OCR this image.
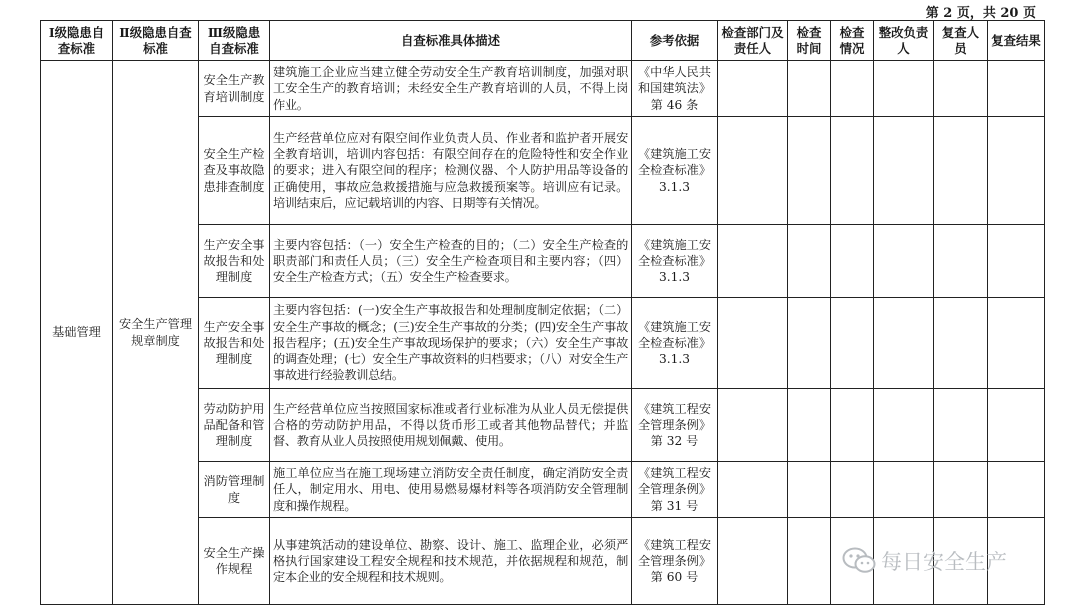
第 2 页，共 20 页
Ⅰ级隐患自查标准	Ⅱ级隐患自查标准	Ⅲ级隐患自查标准	自查标准具体描述	参考依据	检查部门及责任人	检查时间	检查情况	整改负责人	复查人员	复查结果
基础管理	安全生产管理规章制度	安全生产教育培训制度	建筑施工企业应当建立健全劳动安全生产教育培训制度，加强对职工安全生产的教育培训；未经安全生产教育培训的人员，不得上岗作业。	《中华人民共和国建筑法》第 46 条						
		安全生产检查及事故隐患排查制度	生产经营单位应对有限空间作业负责人员、作业者和监护者开展安全教育培训，培训内容包括：有限空间存在的危险特性和安全作业的要求；进入有限空间的程序；检测仪器、个人防护用品等设备的正确使用，事故应急救援措施与应急救援预案等。培训应有记录。培训结束后，应记载培训的内容、日期等有关情况。	《建筑施工安全检查标准》3.1.3						
		生产安全事故报告和处理制度	主要内容包括：（一）安全生产检查的目的；（二）安全生产检查的职责部门和责任人员；（三）安全生产检查项目和主要内容；（四）安全生产检查方式；（五）安全生产检查要求。	《建筑施工安全检查标准》3.1.3						
		生产安全事故报告和处理制度	主要内容包括：(一)安全生产事故报告和处理制度制定依据；（二）安全生产事故的概念；(三)安全生产事故的分类；(四)安全生产事故报告程序；(五)安全生产事故现场保护的要求；（六）安全生产事故的调查处理；(七）安全生产事故资料的归档要求；（八）对安全生产事故进行经验教训总结。	《建筑施工安全检查标准》3.1.3						
		劳动防护用品配备和管理制度	生产经营单位应当按照国家标准或者行业标准为从业人员无偿提供合格的劳动防护用品，不得以货币形工或者其他物品替代；并监督、教育从业人员按照使用规划佩戴、使用。	《建筑工程安全管理条例》第 32 号						
		消防管理制度	施工单位应当在施工现场建立消防安全责任制度，确定消防安全责任人，制定用水、用电、使用易燃易爆材料等各项消防安全管理制度和操作规程。	《建筑工程安全管理条例》第 31 号						
		安全生产操作规程	从事建筑活动的建设单位、勘察、设计、施工、监理企业，必须严格执行国家建设工程安全规程和技术规范，并依据规程和规范，制定本企业的安全规程和技术规则。	《建筑工程安全管理条例》第 60 号						
每日安全生产
